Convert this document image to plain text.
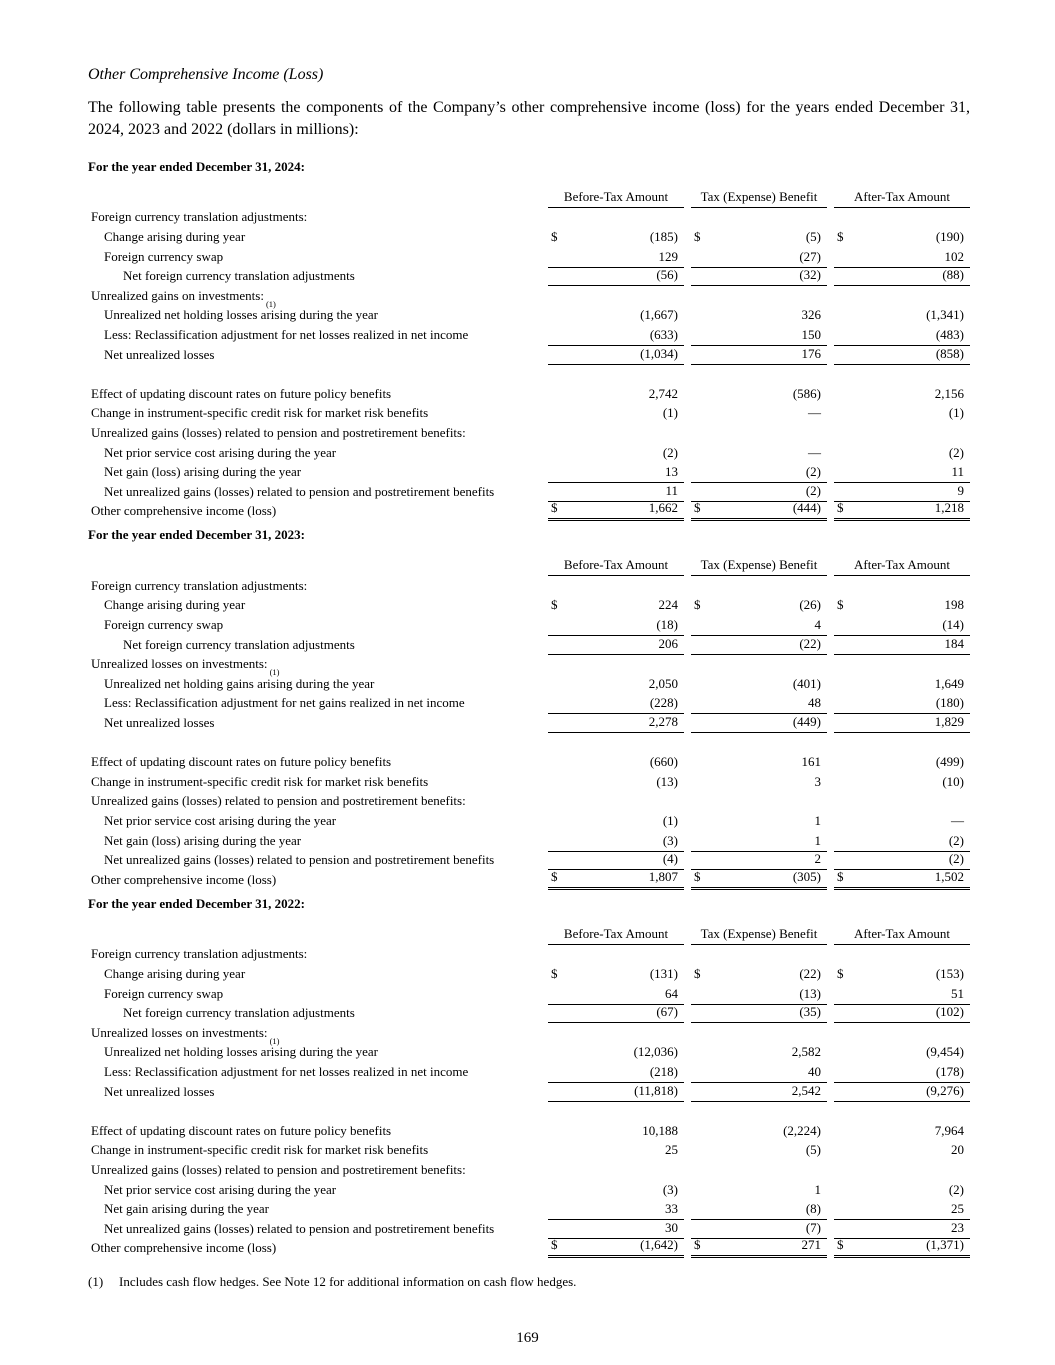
Other Comprehensive Income (Loss)

The following table presents the components of the Company’s other comprehensive income (loss) for the years ended December 31, 2024, 2023 and 2022 (dollars in millions):

For the year ended December 31, 2024:
Before-Tax Amount	Tax (Expense) Benefit	After-Tax Amount
Foreign currency translation adjustments:
Change arising during year	$	(185) $	(5) $	(190)
Foreign currency swap	129	(27)	102
Net foreign currency translation adjustments	(56)	(32)	(88)
Unrealized gains on investments:
(1)
Unrealized net holding losses arising during the year	(1,667)	326	(1,341)
Less: Reclassification adjustment for net losses realized in net income	(633)	150	(483)
Net unrealized losses	(1,034)	176	(858)
Effect of updating discount rates on future policy benefits	2,742	(586)	2,156
Change in instrument-specific credit risk for market risk benefits	(1)	—	(1)
Unrealized gains (losses) related to pension and postretirement benefits:
Net prior service cost arising during the year	(2)	—	(2)
Net gain (loss) arising during the year	13	(2)	11
Net unrealized gains (losses) related to pension and postretirement benefits	11	(2)	9
Other comprehensive income (loss)	$	1,662 $	(444) $	1,218
For the year ended December 31, 2023:
Before-Tax Amount	Tax (Expense) Benefit	After-Tax Amount
Foreign currency translation adjustments:
Change arising during year	$	224 $	(26) $	198
Foreign currency swap	(18)	4	(14)
Net foreign currency translation adjustments	206	(22)	184
Unrealized losses on investments:
(1)
Unrealized net holding gains arising during the year	2,050	(401)	1,649
Less: Reclassification adjustment for net gains realized in net income	(228)	48	(180)
Net unrealized losses	2,278	(449)	1,829
Effect of updating discount rates on future policy benefits	(660)	161	(499)
Change in instrument-specific credit risk for market risk benefits	(13)	3	(10)
Unrealized gains (losses) related to pension and postretirement benefits:
Net prior service cost arising during the year	(1)	1	—
Net gain (loss) arising during the year	(3)	1	(2)
Net unrealized gains (losses) related to pension and postretirement benefits	(4)	2	(2)
Other comprehensive income (loss)	$	1,807 $	(305) $	1,502
For the year ended December 31, 2022:
Before-Tax Amount	Tax (Expense) Benefit	After-Tax Amount
Foreign currency translation adjustments:
Change arising during year	$	(131) $	(22) $	(153)
Foreign currency swap	64	(13)	51
Net foreign currency translation adjustments	(67)	(35)	(102)
Unrealized losses on investments:
(1)
Unrealized net holding losses arising during the year	(12,036)	2,582	(9,454)
Less: Reclassification adjustment for net losses realized in net income	(218)	40	(178)
Net unrealized losses	(11,818)	2,542	(9,276)
Effect of updating discount rates on future policy benefits	10,188	(2,224)	7,964
Change in instrument-specific credit risk for market risk benefits	25	(5)	20
Unrealized gains (losses) related to pension and postretirement benefits:
Net prior service cost arising during the year	(3)	1	(2)
Net gain arising during the year	33	(8)	25
Net unrealized gains (losses) related to pension and postretirement benefits	30	(7)	23
Other comprehensive income (loss)	$	(1,642) $	271 $	(1,371)
(1)	Includes cash flow hedges. See Note 12 for additional information on cash flow hedges.
169
